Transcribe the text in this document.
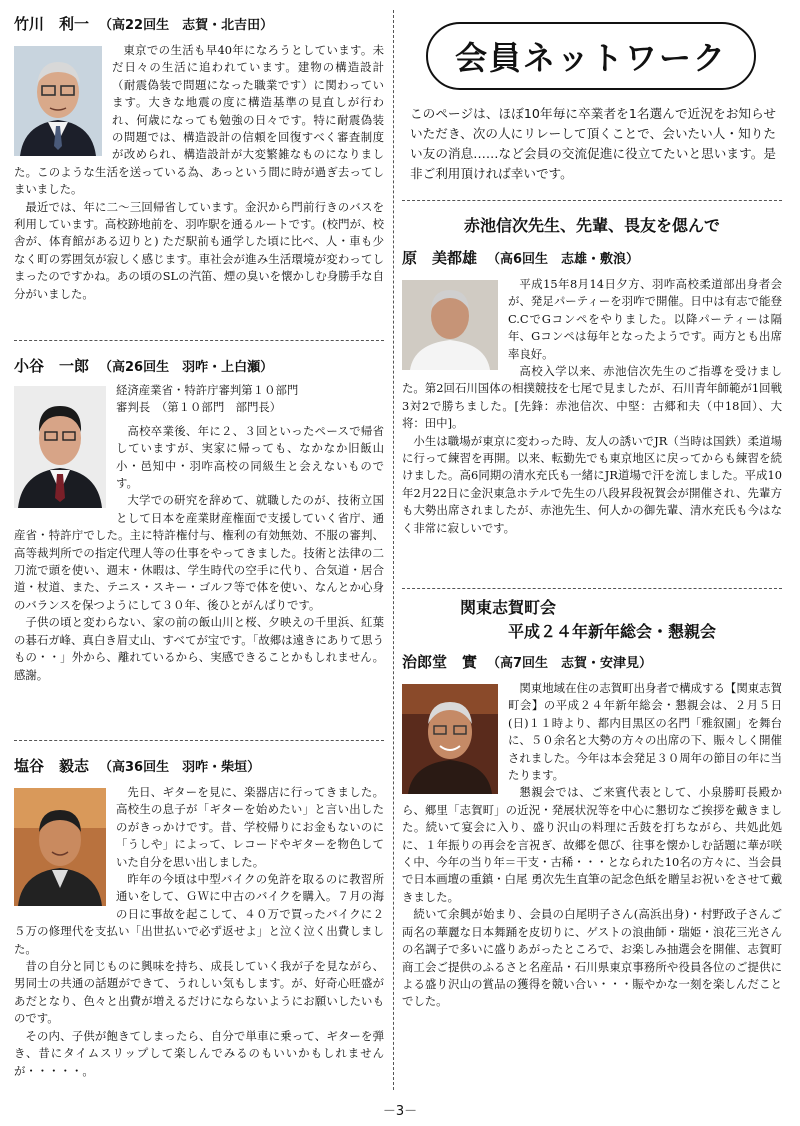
竹川　利一 （高22回生　志賀・北吉田）

東京での生活も早40年になろうとしています。未だ日々の生活に追われています。建物の構造設計（耐震偽装で問題になった職業です）に関わっています。大きな地震の度に構造基準の見直しが行われ、何歳になっても勉強の日々です。特に耐震偽装の問題では、構造設計の信頼を回復すべく審査制度が改められ、構造設計が大変繁雑なものになりました。このような生活を送っている為、あっという間に時が過ぎ去ってしまいました。

最近では、年に二～三回帰省しています。金沢から門前行きのバスを利用しています。高校跡地前を、羽咋駅を通るルートです。(校門が、校舎が、体育館がある辺りと) ただ駅前も通学した頃に比べ、人・車も少なく町の雰囲気が寂しく感じます。車社会が進み生活環境が変わってしまったのですかね。あの頃のSLの汽笛、煙の臭いを懐かしむ身勝手な自分がいました。

小谷　一郎 （高26回生　羽咋・上白瀬）

経済産業省・特許庁審判第１０部門

審判長　（第１０部門　部門長）

高校卒業後、年に２、３回といったペースで帰省していますが、実家に帰っても、なかなか旧飯山小・邑知中・羽咋高校の同級生と会えないものです。

大学での研究を辞めて、就職したのが、技術立国として日本を産業財産権面で支援していく省庁、通産省・特許庁でした。主に特許権付与、権利の有効無効、不服の審判、高等裁判所での指定代理人等の仕事をやってきました。技術と法律の二刀流で頭を使い、週末・休暇は、学生時代の空手に代り、合気道・居合道・杖道、また、テニス・スキー・ゴルフ等で体を使い、なんとか心身のバランスを保つようにして３０年、後ひとがんばりです。

子供の頃と変わらない、家の前の飯山川と桜、夕映えの千里浜、紅葉の碁石ガ峰、真白き眉丈山、すべてが宝です。「故郷は遠きにありて思うもの・・」外から、離れているから、実感できることかもしれません。感謝。

塩谷　毅志 （高36回生　羽咋・柴垣）

先日、ギターを見に、楽器店に行ってきました。高校生の息子が「ギターを始めたい」と言い出したのがきっかけです。昔、学校帰りにお金もないのに「うしや」によって、レコードやギターを物色していた自分を思い出しました。

昨年の今頃は中型バイクの免許を取るのに教習所通いをして、ＧＷに中古のバイクを購入。７月の海の日に事故を起こして、４０万で買ったバイクに２５万の修理代を支払い「出世払いで必ず返せよ」と泣く泣く出費しました。

昔の自分と同じものに興味を持ち、成長していく我が子を見ながら、男同士の共通の話題ができて、うれしい気もします。が、好奇心旺盛があだとなり、色々と出費が増えるだけにならないようにお願いしたいものです。

その内、子供が飽きてしまったら、自分で単車に乗って、ギターを弾き、昔にタイムスリップして楽しんでみるのもいいかもしれませんが・・・・・。

会員ネットワーク
このページは、ほぼ10年毎に卒業者を1名選んで近況をお知らせいただき、次の人にリレーして頂くことで、会いたい人・知りたい友の消息……など会員の交流促進に役立てたいと思います。是非ご利用頂ければ幸いです。
赤池信次先生、先輩、畏友を偲んで
原　美都雄 （高6回生　志雄・敷浪）

平成15年8月14日夕方、羽咋高校柔道部出身者会が、発足パーティーを羽咋で開催。日中は有志で能登C.CでGコンペをやりました。以降パーティーは隔年、Gコンペは毎年となったようです。両方とも出席率良好。

高校入学以来、赤池信次先生のご指導を受けました。第2回石川国体の相撲競技を七尾で見ましたが、石川青年師範が1回戦3対2で勝ちました。[先鋒：赤池信次、中堅：古郷和夫（中18回）、大将：田中]。

小生は職場が東京に変わった時、友人の誘いでJR（当時は国鉄）柔道場に行って練習を再開。以来、転勤先でも東京地区に戻ってからも練習を続けました。高6同期の清水充氏も一緒にJR道場で汗を流しました。平成10年2月22日に金沢東急ホテルで先生の八段昇段祝賀会が開催され、先輩方も大勢出席されましたが、赤池先生、何人かの御先輩、清水充氏も今はなく非常に寂しいです。

関東志賀町会
平成２４年新年総会・懇親会
治郎堂　實 （高7回生　志賀・安津見）

関東地域在住の志賀町出身者で構成する【関東志賀町会】の平成２４年新年総会・懇親会は、２月５日(日)１１時より、都内目黒区の名門「雅叙園」を舞台に、５０余名と大勢の方々の出席の下、賑々しく開催されました。今年は本会発足３０周年の節目の年に当たります。

懇親会では、ご来賓代表として、小泉勝町長殿から、郷里「志賀町」の近況・発展状況等を中心に懇切なご挨拶を戴きました。続いて宴会に入り、盛り沢山の料理に舌鼓を打ちながら、共処此処に、１年振りの再会を言祝ぎ、故郷を偲び、往事を懐かしむ話題に華が咲く中、今年の当り年＝干支・古稀・・・となられた10名の方々に、当会員で日本画壇の重鎮・白尾 勇次先生直筆の記念色紙を贈呈お祝いをさせて戴きました。

続いて余興が始まり、会員の白尾明子さん(高浜出身)・村野政子さんご両名の華麗な日本舞踊を皮切りに、ゲストの浪曲師・瑞姫・浪花三光さんの名調子で多いに盛りあがったところで、お楽しみ抽選会を開催、志賀町商工会ご提供のふるさと名産品・石川県東京事務所や役員各位のご提供による盛り沢山の賞品の獲得を競い合い・・・賑やかな一刻を楽しんだことでした。

－3－
